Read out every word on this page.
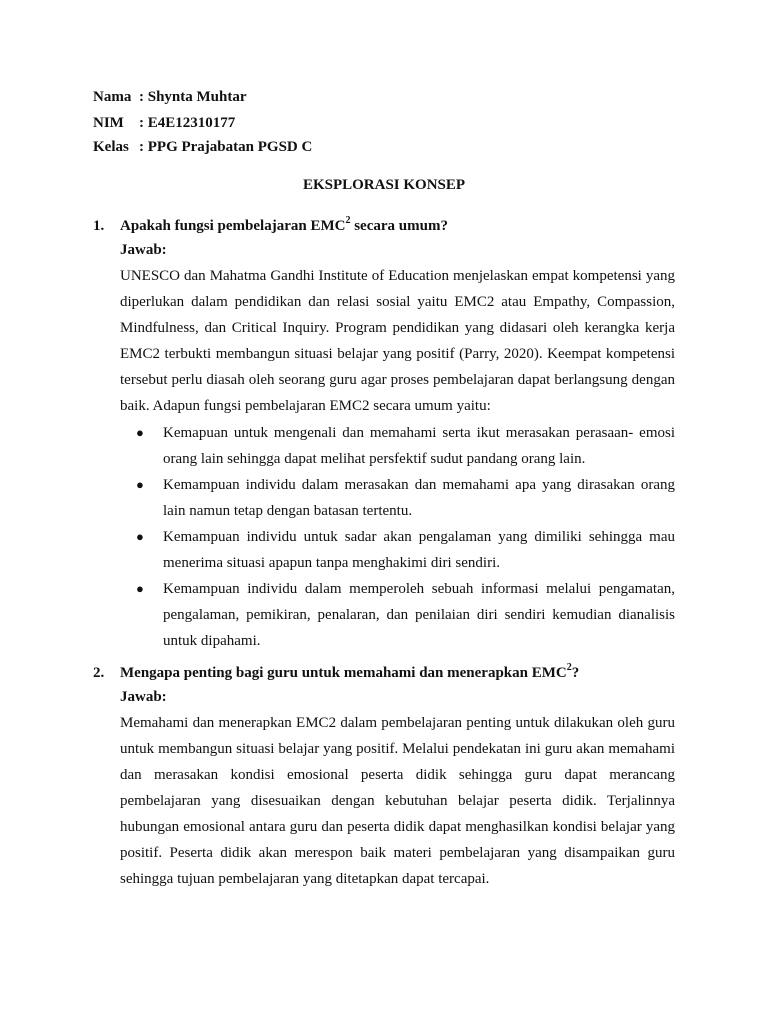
Nama : Shynta Muhtar
NIM : E4E12310177
Kelas : PPG Prajabatan PGSD C
EKSPLORASI KONSEP
1. Apakah fungsi pembelajaran EMC$^2$ secara umum?
Jawab:
UNESCO dan Mahatma Gandhi Institute of Education menjelaskan empat kompetensi yang diperlukan dalam pendidikan dan relasi sosial yaitu EMC2 atau Empathy, Compassion, Mindfulness, dan Critical Inquiry. Program pendidikan yang didasari oleh kerangka kerja EMC2 terbukti membangun situasi belajar yang positif (Parry, 2020). Keempat kompetensi tersebut perlu diasah oleh seorang guru agar proses pembelajaran dapat berlangsung dengan baik. Adapun fungsi pembelajaran EMC2 secara umum yaitu:
● Kemapuan untuk mengenali dan memahami serta ikut merasakan perasaan- emosi orang lain sehingga dapat melihat persfektif sudut pandang orang lain.
● Kemampuan individu dalam merasakan dan memahami apa yang dirasakan orang lain namun tetap dengan batasan tertentu.
● Kemampuan individu untuk sadar akan pengalaman yang dimiliki sehingga mau menerima situasi apapun tanpa menghakimi diri sendiri.
● Kemampuan individu dalam memperoleh sebuah informasi melalui pengamatan, pengalaman, pemikiran, penalaran, dan penilaian diri sendiri kemudian dianalisis untuk dipahami.
2. Mengapa penting bagi guru untuk memahami dan menerapkan EMC$^2$?
Jawab:
Memahami dan menerapkan EMC2 dalam pembelajaran penting untuk dilakukan oleh guru untuk membangun situasi belajar yang positif. Melalui pendekatan ini guru akan memahami dan merasakan kondisi emosional peserta didik sehingga guru dapat merancang pembelajaran yang disesuaikan dengan kebutuhan belajar peserta didik. Terjalinnya hubungan emosional antara guru dan peserta didik dapat menghasilkan kondisi belajar yang positif. Peserta didik akan merespon baik materi pembelajaran yang disampaikan guru sehingga tujuan pembelajaran yang ditetapkan dapat tercapai.
